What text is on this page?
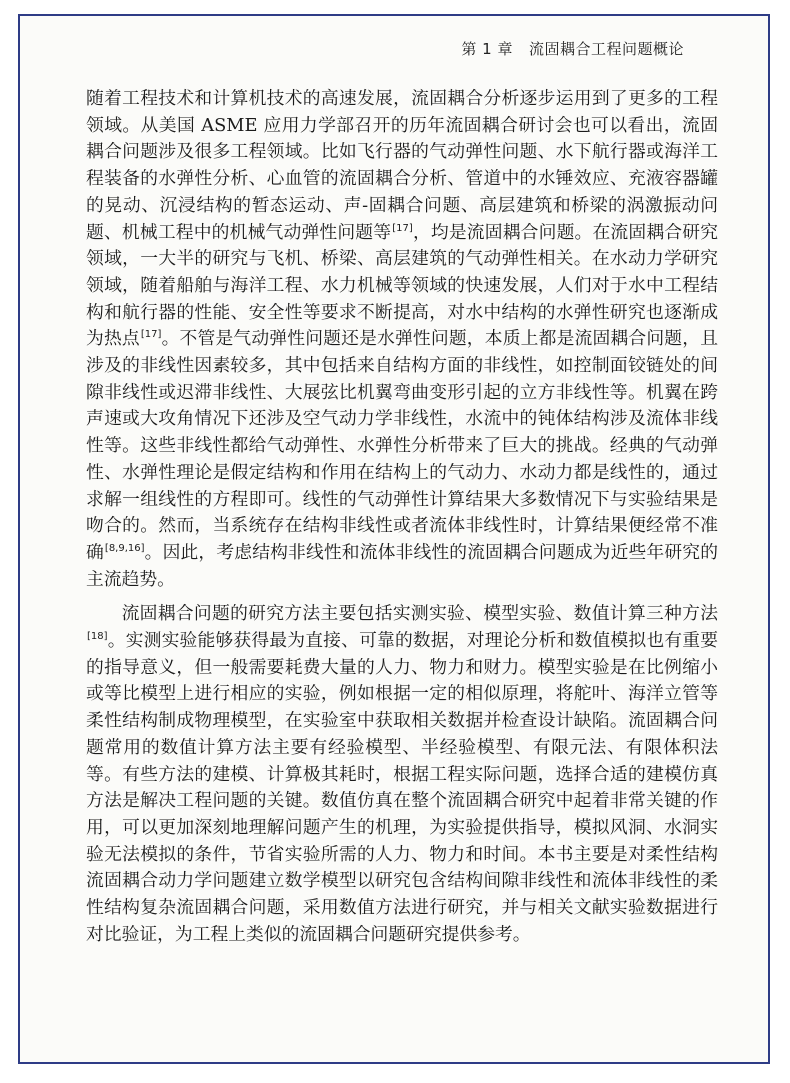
第 1 章 流固耦合工程问题概论

随着工程技术和计算机技术的高速发展，流固耦合分析逐步运用到了更多的工程领域。从美国 ASME 应用力学部召开的历年流固耦合研讨会也可以看出，流固耦合问题涉及很多工程领域。比如飞行器的气动弹性问题、水下航行器或海洋工程装备的水弹性分析、心血管的流固耦合分析、管道中的水锤效应、充液容器罐的晃动、沉浸结构的暂态运动、声-固耦合问题、高层建筑和桥梁的涡激振动问题、机械工程中的机械气动弹性问题等[17]，均是流固耦合问题。在流固耦合研究领域，一大半的研究与飞机、桥梁、高层建筑的气动弹性相关。在水动力学研究领域，随着船舶与海洋工程、水力机械等领域的快速发展，人们对于水中工程结构和航行器的性能、安全性等要求不断提高，对水中结构的水弹性研究也逐渐成为热点[17]。不管是气动弹性问题还是水弹性问题，本质上都是流固耦合问题，且涉及的非线性因素较多，其中包括来自结构方面的非线性，如控制面铰链处的间隙非线性或迟滞非线性、大展弦比机翼弯曲变形引起的立方非线性等。机翼在跨声速或大攻角情况下还涉及空气动力学非线性，水流中的钝体结构涉及流体非线性等。这些非线性都给气动弹性、水弹性分析带来了巨大的挑战。经典的气动弹性、水弹性理论是假定结构和作用在结构上的气动力、水动力都是线性的，通过求解一组线性的方程即可。线性的气动弹性计算结果大多数情况下与实验结果是吻合的。然而，当系统存在结构非线性或者流体非线性时，计算结果便经常不准确[8,9,16]。因此，考虑结构非线性和流体非线性的流固耦合问题成为近些年研究的主流趋势。

流固耦合问题的研究方法主要包括实测实验、模型实验、数值计算三种方法[18]。实测实验能够获得最为直接、可靠的数据，对理论分析和数值模拟也有重要的指导意义，但一般需要耗费大量的人力、物力和财力。模型实验是在比例缩小或等比模型上进行相应的实验，例如根据一定的相似原理，将舵叶、海洋立管等柔性结构制成物理模型，在实验室中获取相关数据并检查设计缺陷。流固耦合问题常用的数值计算方法主要有经验模型、半经验模型、有限元法、有限体积法等。有些方法的建模、计算极其耗时，根据工程实际问题，选择合适的建模仿真方法是解决工程问题的关键。数值仿真在整个流固耦合研究中起着非常关键的作用，可以更加深刻地理解问题产生的机理，为实验提供指导，模拟风洞、水洞实验无法模拟的条件，节省实验所需的人力、物力和时间。本书主要是对柔性结构流固耦合动力学问题建立数学模型以研究包含结构间隙非线性和流体非线性的柔性结构复杂流固耦合问题，采用数值方法进行研究，并与相关文献实验数据进行对比验证，为工程上类似的流固耦合问题研究提供参考。
